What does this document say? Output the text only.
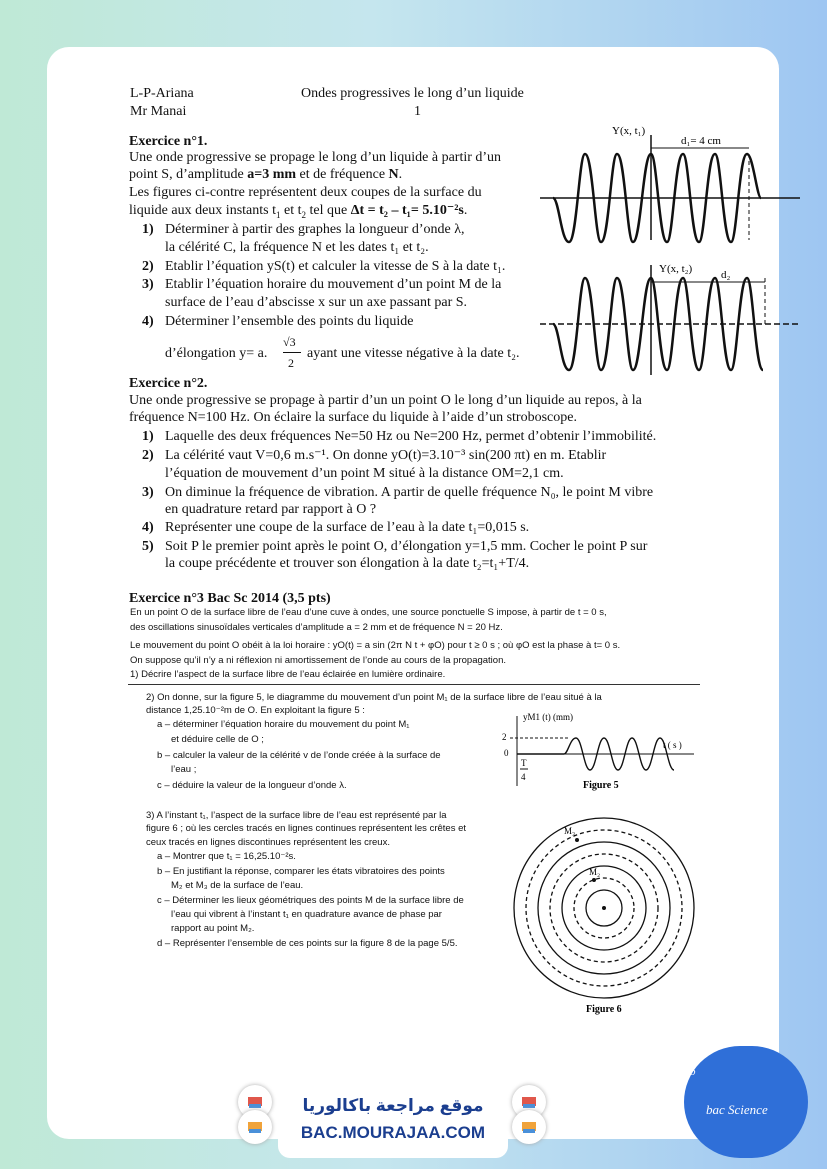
L-P-Ariana
Mr Manai
Ondes progressives le long d’un liquide
1
Exercice n°1.
Une onde progressive se propage le long d’un liquide à partir d’un
point S, d’amplitude a=3 mm et de fréquence N.
Les figures ci-contre représentent deux coupes de la surface du
liquide aux deux instants $t_1$ et $t_2$ tel que Δt = t₂ – t₁= 5.10⁻²s.
1) Déterminer à partir des graphes la longueur d’onde λ,
la célérité C, la fréquence N et les dates t₁ et t₂.
2) Etablir l’équation yS(t) et calculer la vitesse de S à la date t₁.
3) Etablir l’équation horaire du mouvement d’un point M de la
surface de l’eau d’abscisse x sur un axe passant par S.
4) Déterminer l’ensemble des points du liquide
d’élongation y= a.
√3
2
ayant une vitesse négative à la date t₂.
Y(x, t₁)
d₁= 4 cm
Y(x, t₂)	d₂
Exercice n°2.
Une onde progressive se propage à partir d’un un point O le long d’un liquide au repos, à la
fréquence N=100 Hz. On éclaire la surface du liquide à l’aide d’un stroboscope.
1) Laquelle des deux fréquences Ne=50 Hz ou Ne=200 Hz, permet d’obtenir l’immobilité.
2) La célérité vaut V=0,6 m.s⁻¹. On donne yO(t)=3.10⁻³ sin(200 πt) en m. Etablir
l’équation de mouvement d’un point M situé à la distance OM=2,1 cm.
3) On diminue la fréquence de vibration. A partir de quelle fréquence N₀, le point M vibre
en quadrature retard par rapport à O ?
4) Représenter une coupe de la surface de l’eau à la date t₁=0,015 s.
5) Soit P le premier point après le point O, d’élongation y=1,5 mm. Cocher le point P sur
la coupe précédente et trouver son élongation à la date t₂=t₁+T/4.
Exercice n°3 Bac Sc 2014 (3,5 pts)
En un point O de la surface libre de l’eau d’une cuve à ondes, une source ponctuelle S impose, à partir de t = 0 s,
des oscillations sinusoïdales verticales d’amplitude a = 2 mm et de fréquence N = 20 Hz.
Le mouvement du point O obéit à la loi horaire : yO(t) = a sin (2π N t + φO) pour t ≥ 0 s ; où φO est la phase à t= 0 s.
On suppose qu’il n’y a ni réflexion ni amortissement de l’onde au cours de la propagation.
1) Décrire l’aspect de la surface libre de l’eau éclairée en lumière ordinaire.
2) On donne, sur la figure 5, le diagramme du mouvement d’un point M₁ de la surface libre de l’eau situé à la
distance 1,25.10⁻²m de O. En exploitant la figure 5 :
a – déterminer l’équation horaire du mouvement du point M₁
et déduire celle de O ;
b – calculer la valeur de la célérité v de l’onde créée à la surface de
l’eau ;
c – déduire la valeur de la longueur d’onde λ.
yM1 (t) (mm)
t ( s )
2
0
T
4
Figure 5
3) A l’instant t₁, l’aspect de la surface libre de l’eau est représenté par la
figure 6 ; où les cercles tracés en lignes continues représentent les crêtes et
ceux tracés en lignes discontinues représentent les creux.
a – Montrer que t₁ = 16,25.10⁻²s.
b – En justifiant la réponse, comparer les états vibratoires des points
M₂ et M₃ de la surface de l’eau.
c – Déterminer les lieux géométriques des points M de la surface libre de
l’eau qui vibrent à l’instant t₁ en quadrature avance de phase par
rapport au point M₂.
d – Représenter l’ensemble de ces points sur la figure 8 de la page 5/5.
M₃
M₂
Figure 6
موقع مراجعة باكالوريا
BAC.MOURAJAA.COM
b
bac Science
